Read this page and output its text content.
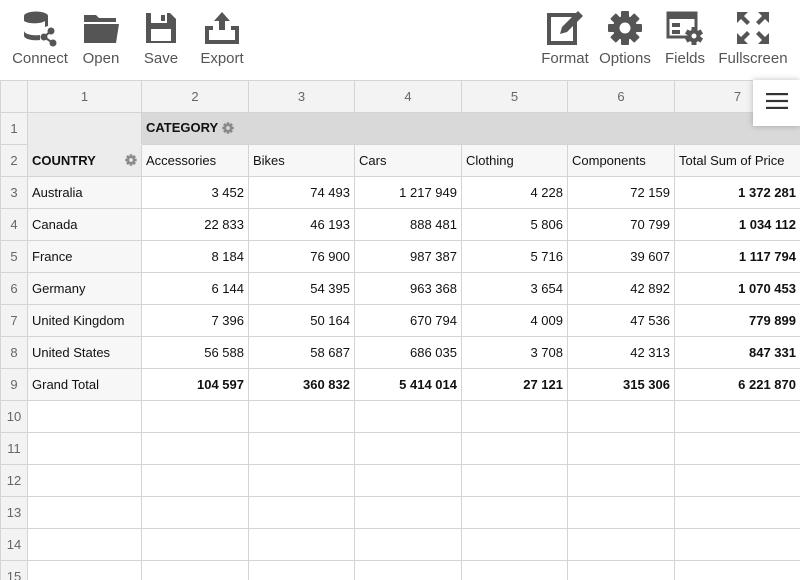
Connect Open Save Export	Format Options Fields Fullscreen
	1	2	3	4	5	6	7
1		CATEGORY					
2	COUNTRY	Accessories	Bikes	Cars	Clothing	Components	Total Sum of Price
3	Australia	3 452	74 493	1 217 949	4 228	72 159	1 372 281
4	Canada	22 833	46 193	888 481	5 806	70 799	1 034 112
5	France	8 184	76 900	987 387	5 716	39 607	1 117 794
6	Germany	6 144	54 395	963 368	3 654	42 892	1 070 453
7	United Kingdom	7 396	50 164	670 794	4 009	47 536	779 899
8	United States	56 588	58 687	686 035	3 708	42 313	847 331
9	Grand Total	104 597	360 832	5 414 014	27 121	315 306	6 221 870
10							
11							
12							
13							
14							
15							
